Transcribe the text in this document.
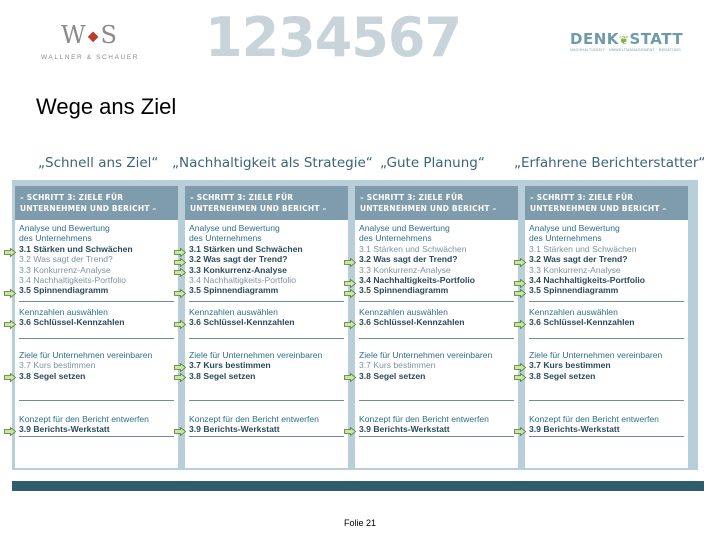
W◆S
WALLNER & SCHAUER 1234567	DENK❦STATT
NACHHALTIGKEIT · UMWELTMANAGEMENT · BERATUNG
Wege ans Ziel
„Schnell ans Ziel“ „Nachhaltigkeit als Strategie“ „Gute Planung“ „Erfahrene Berichterstatter“
– SCHRITT 3: ZIELE FÜR
UNTERNEHMEN UND BERICHT –
Analyse und Bewertung
des Unternehmens
3.1 Stärken und Schwächen
3.2 Was sagt der Trend?
3.3 Konkurrenz-Analyse
3.4 Nachhaltigkeits-Portfolio
3.5 Spinnendiagramm
Kennzahlen auswählen
3.6 Schlüssel-Kennzahlen
Ziele für Unternehmen vereinbaren
3.7 Kurs bestimmen
3.8 Segel setzen
Konzept für den Bericht entwerfen
3.9 Berichts-Werkstatt
– SCHRITT 3: ZIELE FÜR
UNTERNEHMEN UND BERICHT –
Analyse und Bewertung
des Unternehmens
3.1 Stärken und Schwächen
3.2 Was sagt der Trend?
3.3 Konkurrenz-Analyse
3.4 Nachhaltigkeits-Portfolio
3.5 Spinnendiagramm
Kennzahlen auswählen
3.6 Schlüssel-Kennzahlen
Ziele für Unternehmen vereinbaren
3.7 Kurs bestimmen
3.8 Segel setzen
Konzept für den Bericht entwerfen
3.9 Berichts-Werkstatt
– SCHRITT 3: ZIELE FÜR
UNTERNEHMEN UND BERICHT –
Analyse und Bewertung
des Unternehmens
3.1 Stärken und Schwächen
3.2 Was sagt der Trend?
3.3 Konkurrenz-Analyse
3.4 Nachhaltigkeits-Portfolio
3.5 Spinnendiagramm
Kennzahlen auswählen
3.6 Schlüssel-Kennzahlen
Ziele für Unternehmen vereinbaren
3.7 Kurs bestimmen
3.8 Segel setzen
Konzept für den Bericht entwerfen
3.9 Berichts-Werkstatt
– SCHRITT 3: ZIELE FÜR
UNTERNEHMEN UND BERICHT –
Analyse und Bewertung
des Unternehmens
3.1 Stärken und Schwächen
3.2 Was sagt der Trend?
3.3 Konkurrenz-Analyse
3.4 Nachhaltigkeits-Portfolio
3.5 Spinnendiagramm
Kennzahlen auswählen
3.6 Schlüssel-Kennzahlen
Ziele für Unternehmen vereinbaren
3.7 Kurs bestimmen
3.8 Segel setzen
Konzept für den Bericht entwerfen
3.9 Berichts-Werkstatt
Folie 21
